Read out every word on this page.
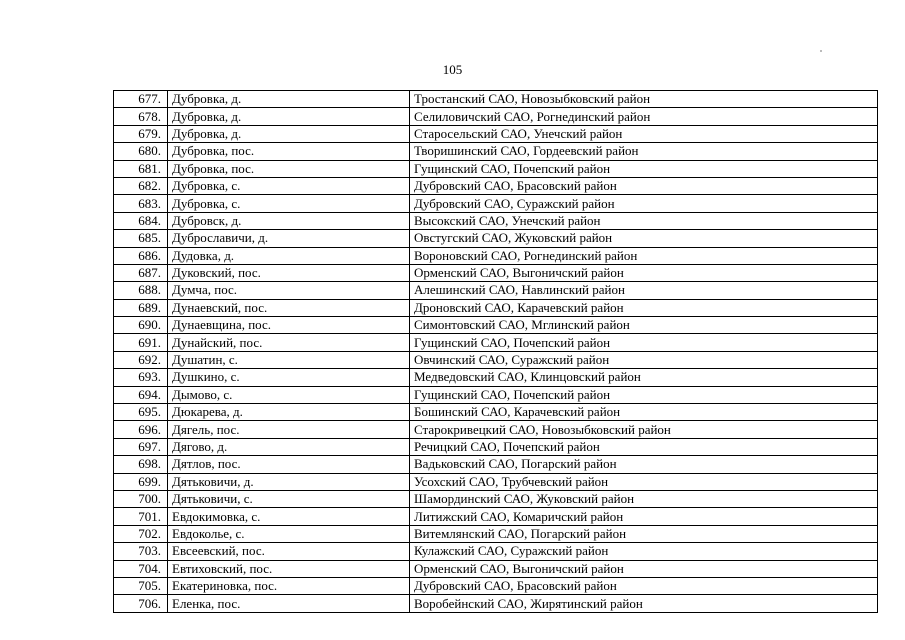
105
677.	Дубровка, д.	Тростанский САО, Новозыбковский район
678.	Дубровка, д.	Селиловичский САО, Рогнединский район
679.	Дубровка, д.	Старосельский САО, Унечский район
680.	Дубровка, пос.	Творишинский САО, Гордеевский район
681.	Дубровка, пос.	Гущинский САО, Почепский район
682.	Дубровка, с.	Дубровский САО, Брасовский район
683.	Дубровка, с.	Дубровский САО, Суражский район
684.	Дубровск, д.	Высокский САО, Унечский район
685.	Дуброславичи, д.	Овстугский САО, Жуковский район
686.	Дудовка, д.	Вороновский САО, Рогнединский район
687.	Дуковский, пос.	Орменский САО, Выгоничский район
688.	Думча, пос.	Алешинский САО, Навлинский район
689.	Дунаевский, пос.	Дроновский САО, Карачевский район
690.	Дунаевщина, пос.	Симонтовский САО, Мглинский район
691.	Дунайский, пос.	Гущинский САО, Почепский район
692.	Душатин, с.	Овчинский САО, Суражский район
693.	Душкино, с.	Медведовский САО, Клинцовский район
694.	Дымово, с.	Гущинский САО, Почепский район
695.	Дюкарева, д.	Бошинский САО, Карачевский район
696.	Дягель, пос.	Старокривецкий САО, Новозыбковский район
697.	Дягово, д.	Речицкий САО, Почепский район
698.	Дятлов, пос.	Вадьковский САО, Погарский район
699.	Дятьковичи, д.	Усохский САО, Трубчевский район
700.	Дятьковичи, с.	Шамординский САО, Жуковский район
701.	Евдокимовка, с.	Литижский САО, Комаричский район
702.	Евдоколье, с.	Витемлянский САО, Погарский район
703.	Евсеевский, пос.	Кулажский САО, Суражский район
704.	Евтиховский, пос.	Орменский САО, Выгоничский район
705.	Екатериновка, пос.	Дубровский САО, Брасовский район
706.	Еленка, пос.	Воробейнский САО, Жирятинский район
